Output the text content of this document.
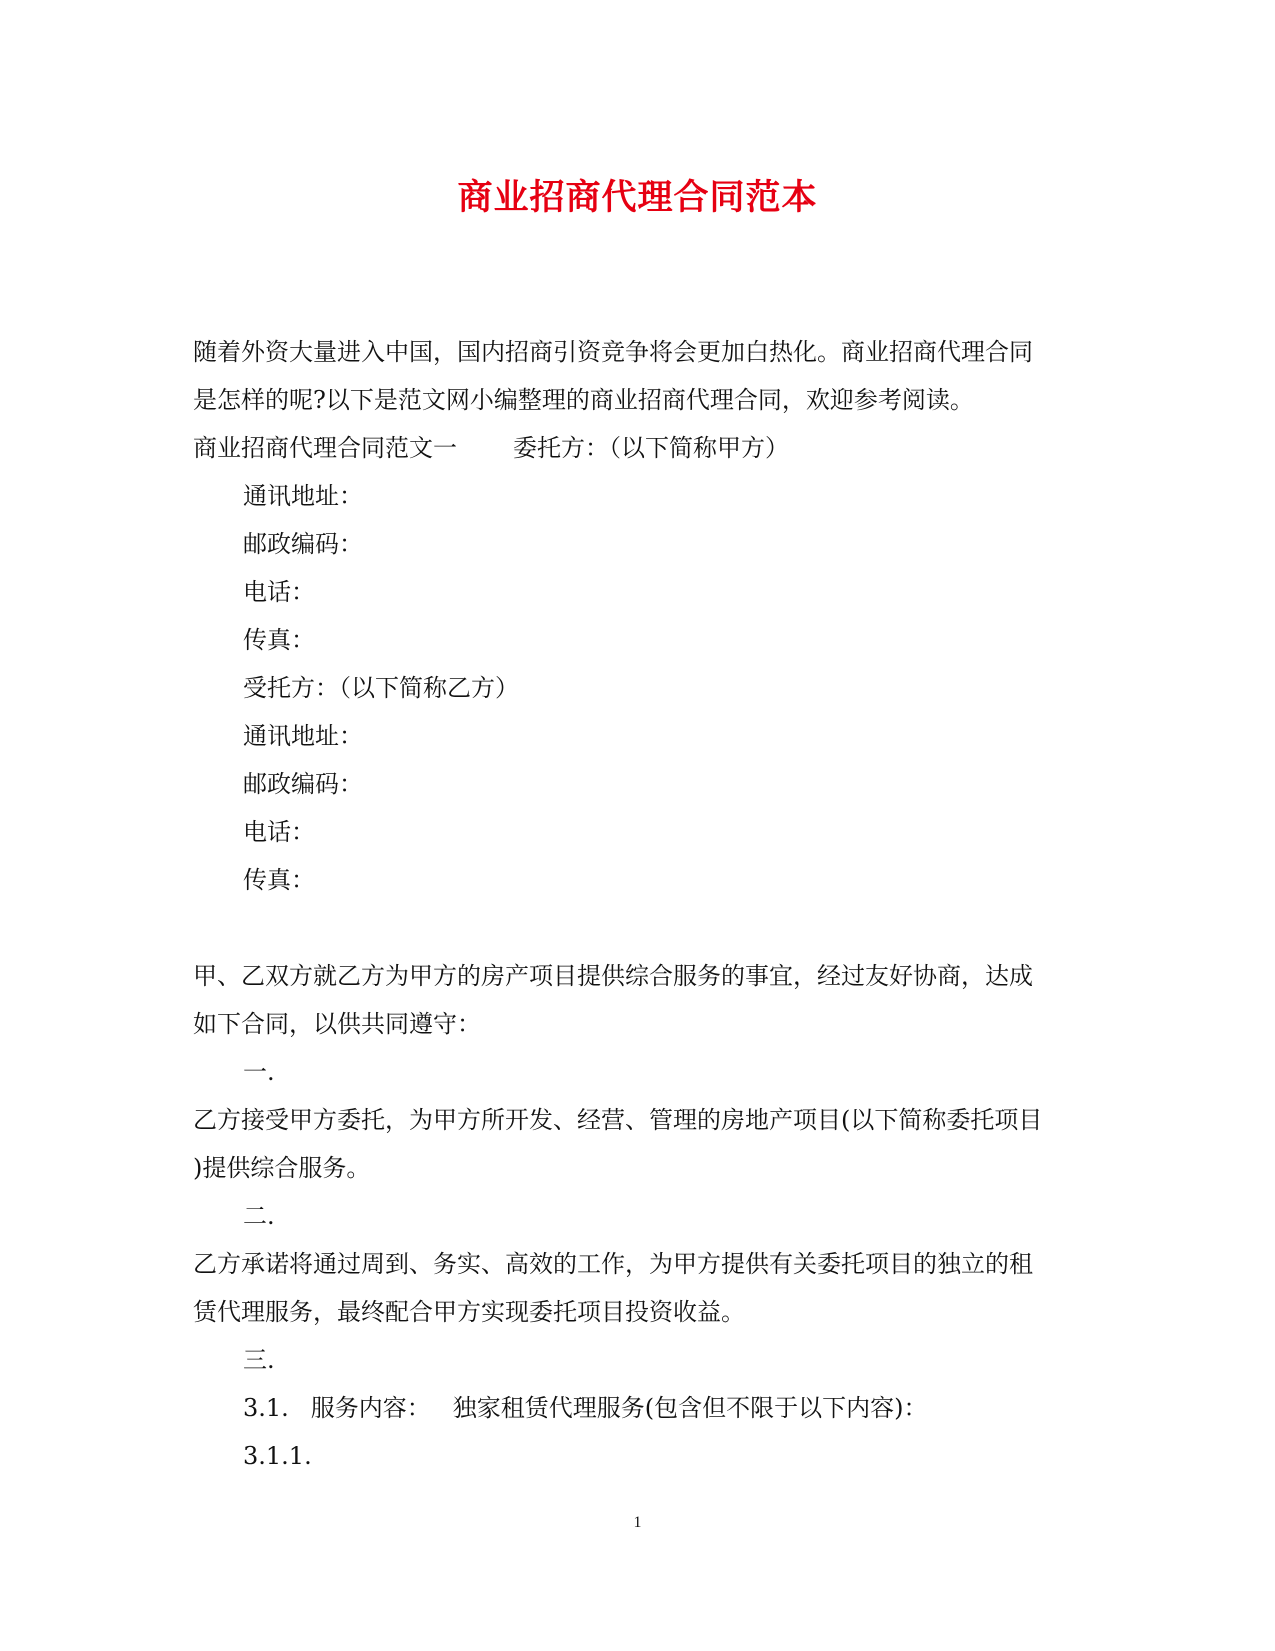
商业招商代理合同范本
随着外资大量进入中国，国内招商引资竞争将会更加白热化。商业招商代理合同
是怎样的呢?以下是范文网小编整理的商业招商代理合同，欢迎参考阅读。
商业招商代理合同范文一 委托方：（以下简称甲方）
通讯地址：
邮政编码：
电话：
传真：
受托方：（以下简称乙方）
通讯地址：
邮政编码：
电话：
传真：
甲、乙双方就乙方为甲方的房产项目提供综合服务的事宜，经过友好协商，达成
如下合同，以供共同遵守：
一.
乙方接受甲方委托，为甲方所开发、经营、管理的房地产项目(以下简称委托项目
)提供综合服务。
二.
乙方承诺将通过周到、务实、高效的工作，为甲方提供有关委托项目的独立的租
赁代理服务，最终配合甲方实现委托项目投资收益。
三.
3.1. 服务内容： 独家租赁代理服务(包含但不限于以下内容)：
3.1.1.
1
